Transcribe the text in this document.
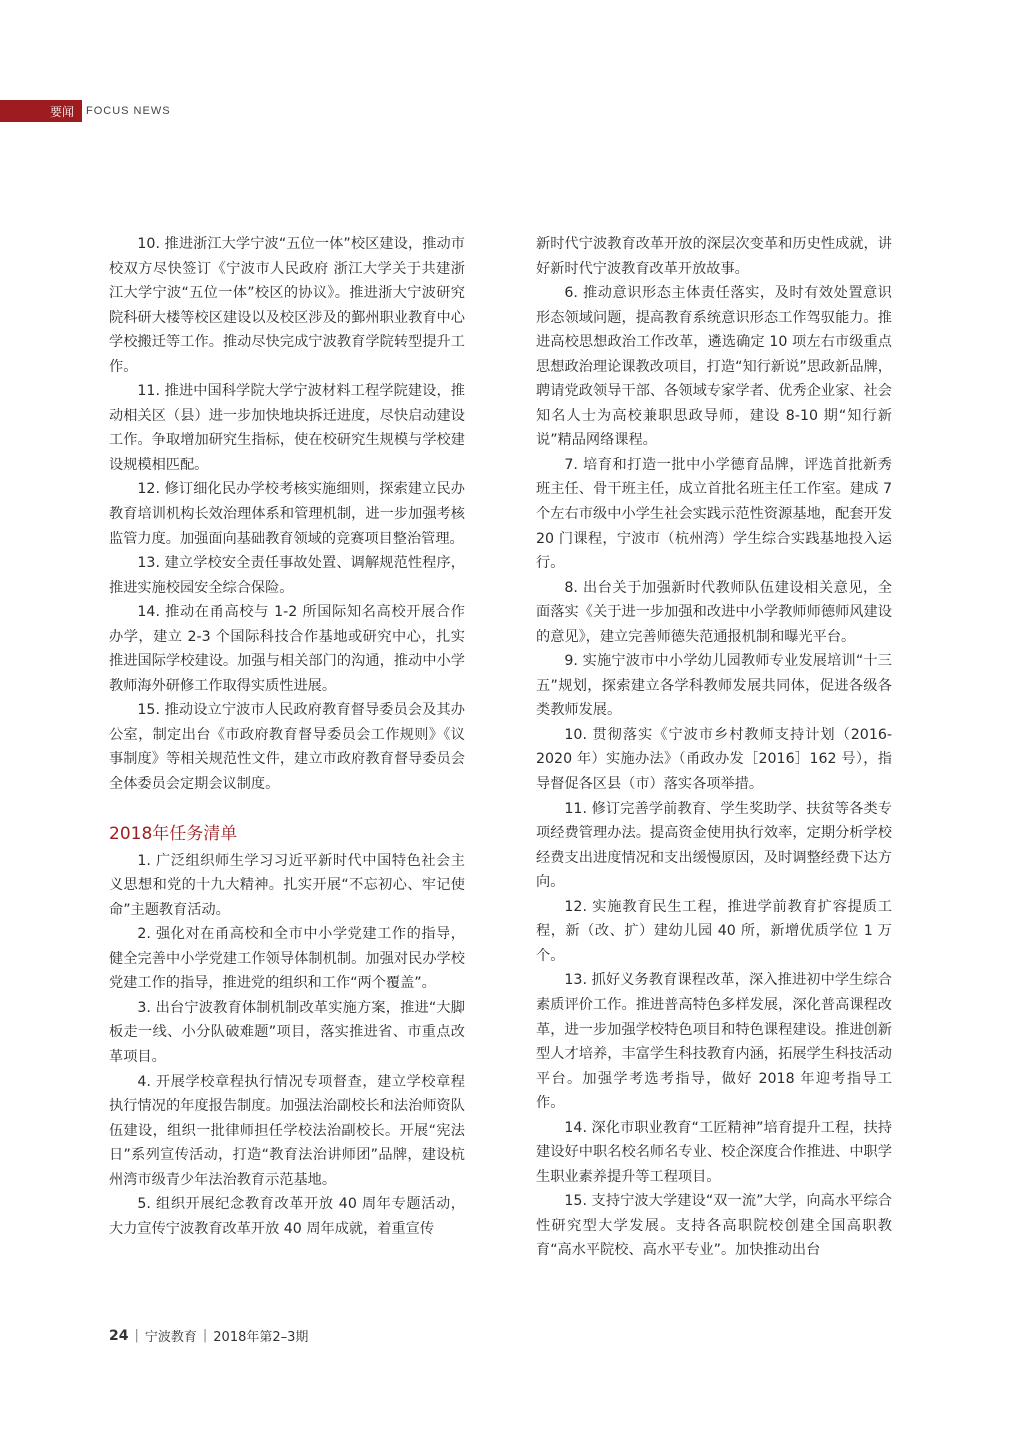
要闻 FOCUS NEWS

10. 推进浙江大学宁波“五位一体”校区建设，推动市校双方尽快签订《宁波市人民政府 浙江大学关于共建浙江大学宁波“五位一体”校区的协议》。推进浙大宁波研究院科研大楼等校区建设以及校区涉及的鄞州职业教育中心学校搬迁等工作。推动尽快完成宁波教育学院转型提升工作。

11. 推进中国科学院大学宁波材料工程学院建设，推动相关区（县）进一步加快地块拆迁进度，尽快启动建设工作。争取增加研究生指标，使在校研究生规模与学校建设规模相匹配。

12. 修订细化民办学校考核实施细则，探索建立民办教育培训机构长效治理体系和管理机制，进一步加强考核监管力度。加强面向基础教育领域的竞赛项目整治管理。

13. 建立学校安全责任事故处置、调解规范性程序，推进实施校园安全综合保险。

14. 推动在甬高校与 1-2 所国际知名高校开展合作办学，建立 2-3 个国际科技合作基地或研究中心，扎实推进国际学校建设。加强与相关部门的沟通，推动中小学教师海外研修工作取得实质性进展。

15. 推动设立宁波市人民政府教育督导委员会及其办公室，制定出台《市政府教育督导委员会工作规则》《议事制度》等相关规范性文件，建立市政府教育督导委员会全体委员会定期会议制度。

2018年任务清单

1. 广泛组织师生学习习近平新时代中国特色社会主义思想和党的十九大精神。扎实开展“不忘初心、牢记使命”主题教育活动。

2. 强化对在甬高校和全市中小学党建工作的指导，健全完善中小学党建工作领导体制机制。加强对民办学校党建工作的指导，推进党的组织和工作“两个覆盖”。

3. 出台宁波教育体制机制改革实施方案，推进“大脚板走一线、小分队破难题”项目，落实推进省、市重点改革项目。

4. 开展学校章程执行情况专项督查，建立学校章程执行情况的年度报告制度。加强法治副校长和法治师资队伍建设，组织一批律师担任学校法治副校长。开展“宪法日”系列宣传活动，打造“教育法治讲师团”品牌，建设杭州湾市级青少年法治教育示范基地。

5. 组织开展纪念教育改革开放 40 周年专题活动，大力宣传宁波教育改革开放 40 周年成就，着重宣传

新时代宁波教育改革开放的深层次变革和历史性成就，讲好新时代宁波教育改革开放故事。

6. 推动意识形态主体责任落实，及时有效处置意识形态领域问题，提高教育系统意识形态工作驾驭能力。推进高校思想政治工作改革，遴选确定 10 项左右市级重点思想政治理论课教改项目，打造“知行新说”思政新品牌，聘请党政领导干部、各领域专家学者、优秀企业家、社会知名人士为高校兼职思政导师，建设 8-10 期“知行新说”精品网络课程。

7. 培育和打造一批中小学德育品牌，评选首批新秀班主任、骨干班主任，成立首批名班主任工作室。建成 7 个左右市级中小学生社会实践示范性资源基地，配套开发 20 门课程，宁波市（杭州湾）学生综合实践基地投入运行。

8. 出台关于加强新时代教师队伍建设相关意见，全面落实《关于进一步加强和改进中小学教师师德师风建设的意见》，建立完善师德失范通报机制和曝光平台。

9. 实施宁波市中小学幼儿园教师专业发展培训“十三五”规划，探索建立各学科教师发展共同体，促进各级各类教师发展。

10. 贯彻落实《宁波市乡村教师支持计划（2016-2020 年）实施办法》（甬政办发［2016］162 号），指导督促各区县（市）落实各项举措。

11. 修订完善学前教育、学生奖助学、扶贫等各类专项经费管理办法。提高资金使用执行效率，定期分析学校经费支出进度情况和支出缓慢原因，及时调整经费下达方向。

12. 实施教育民生工程，推进学前教育扩容提质工程，新（改、扩）建幼儿园 40 所，新增优质学位 1 万个。

13. 抓好义务教育课程改革，深入推进初中学生综合素质评价工作。推进普高特色多样发展，深化普高课程改革，进一步加强学校特色项目和特色课程建设。推进创新型人才培养，丰富学生科技教育内涵，拓展学生科技活动平台。加强学考选考指导，做好 2018 年迎考指导工作。

14. 深化市职业教育“工匠精神”培育提升工程，扶持建设好中职名校名师名专业、校企深度合作推进、中职学生职业素养提升等工程项目。

15. 支持宁波大学建设“双一流”大学，向高水平综合性研究型大学发展。支持各高职院校创建全国高职教育“高水平院校、高水平专业”。加快推动出台

24 | 宁波教育 | 2018年第2–3期
